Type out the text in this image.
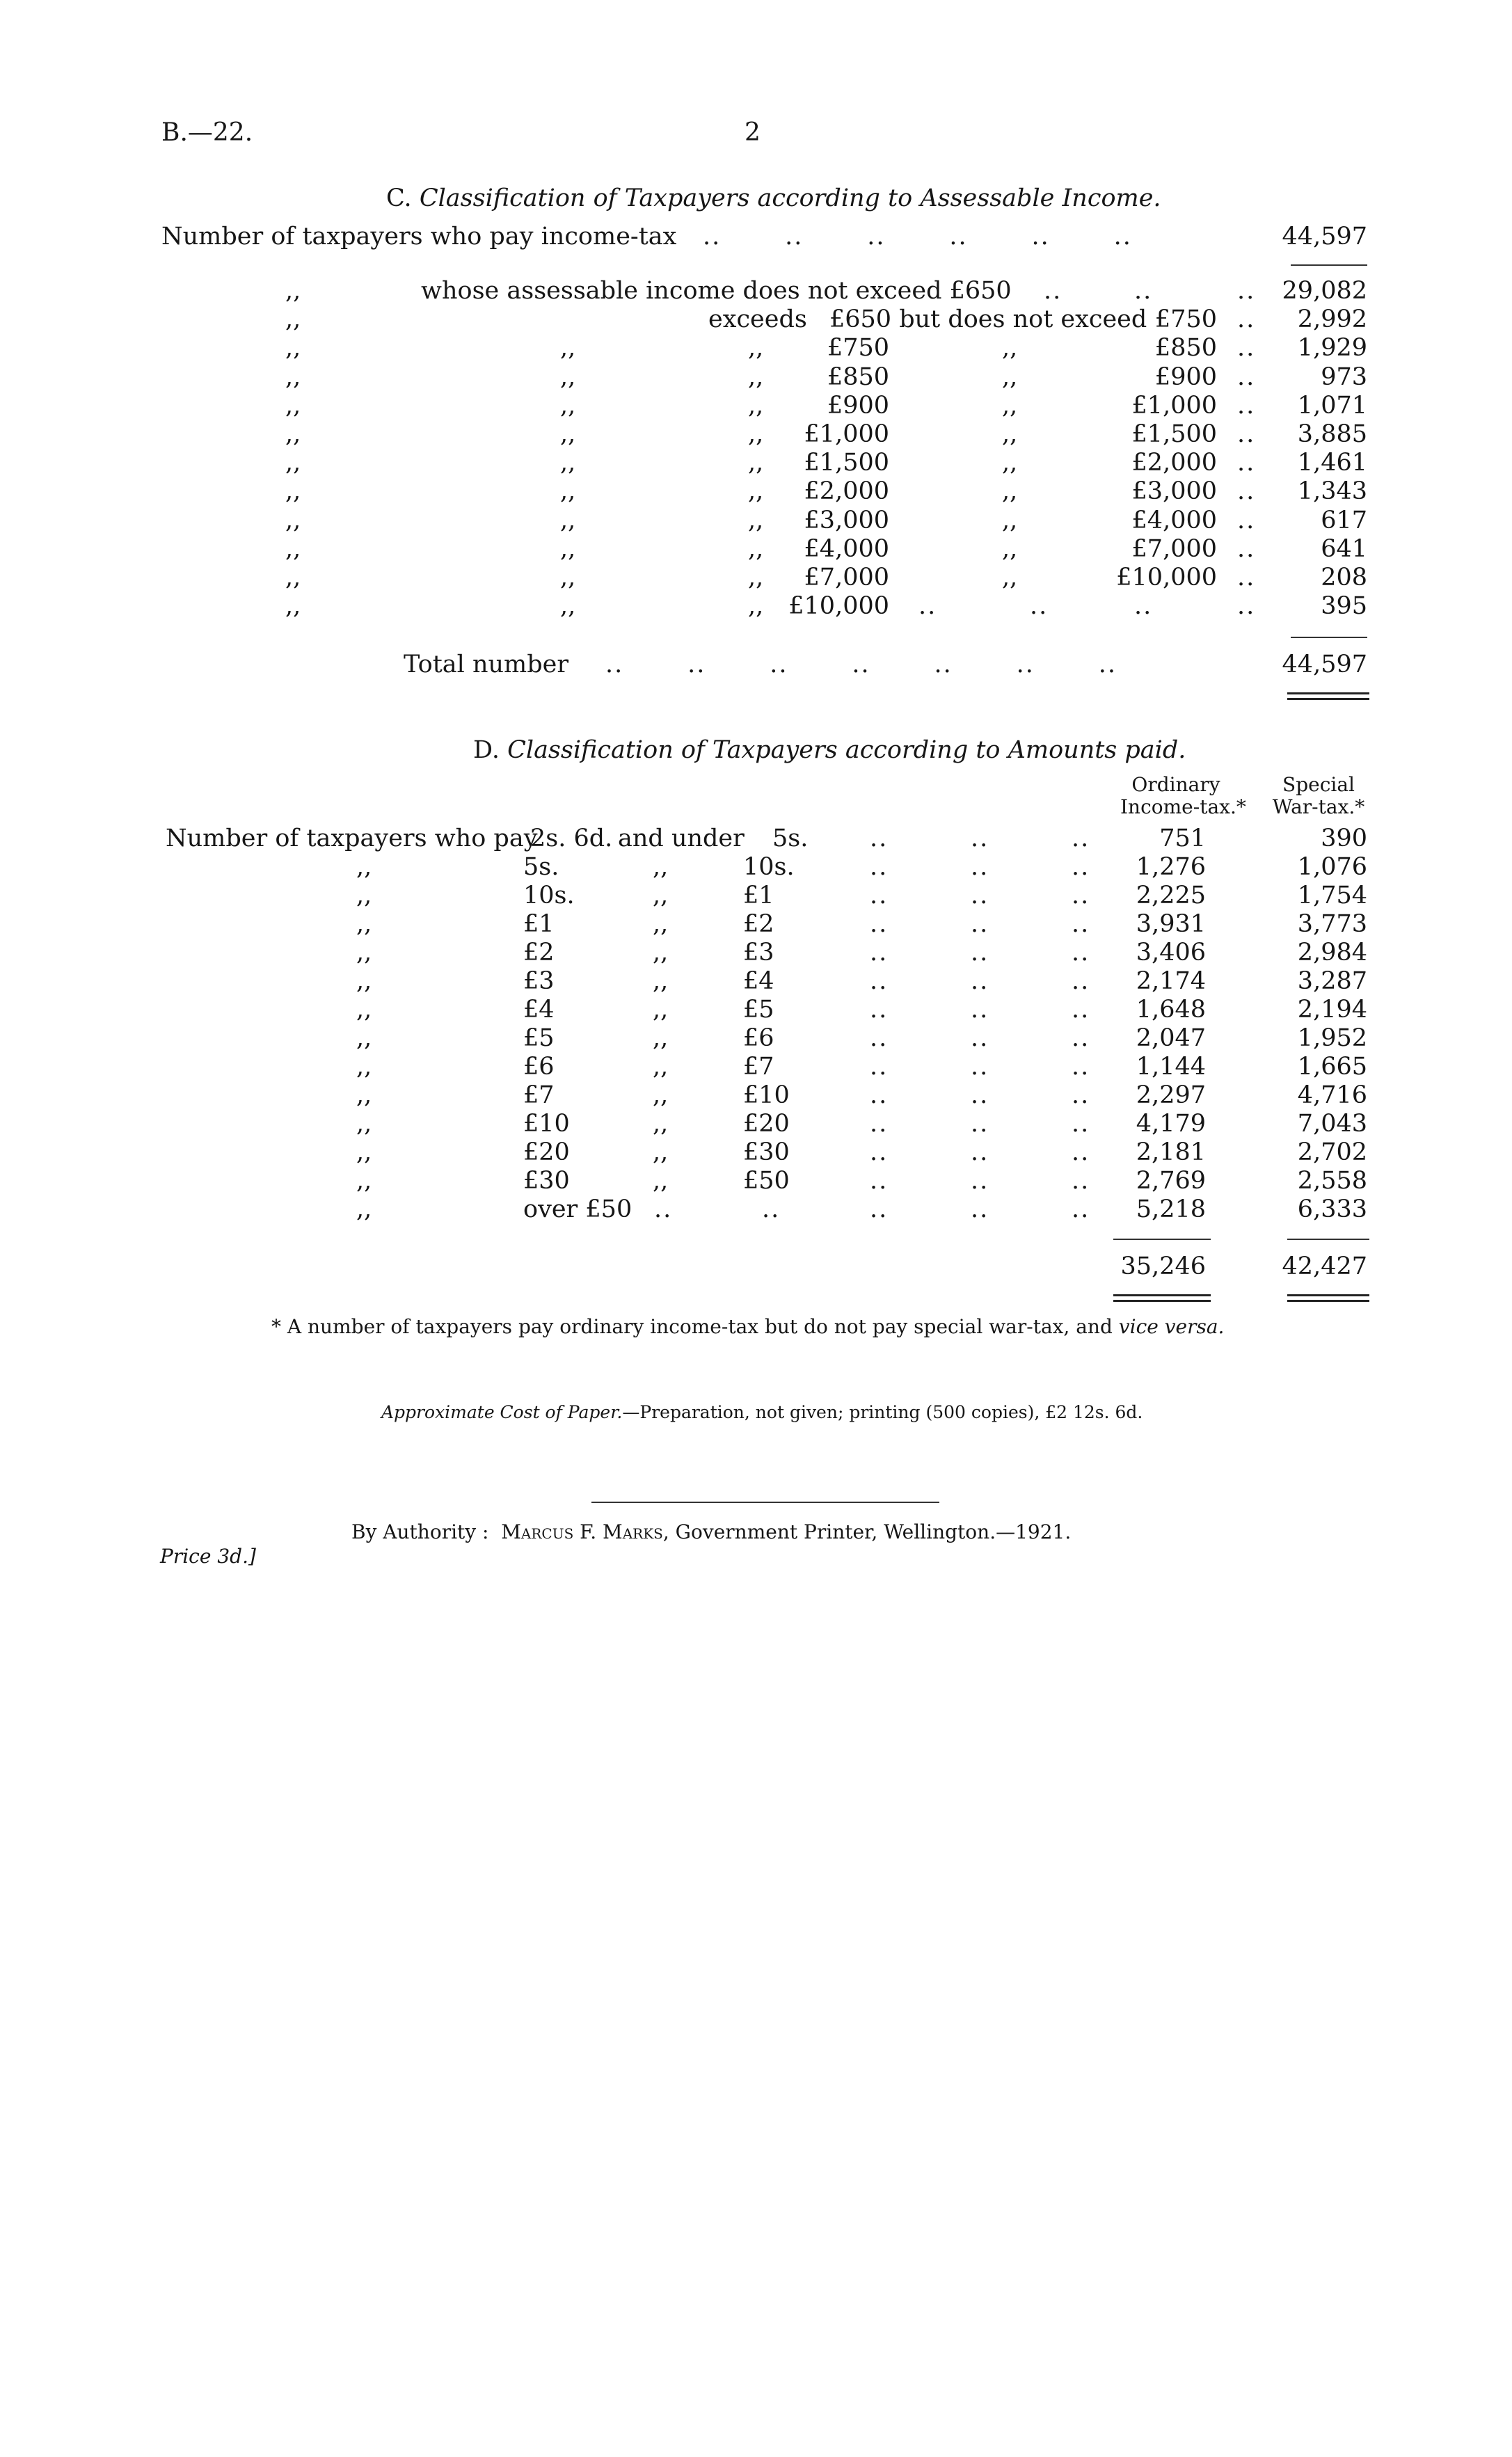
B.—22.	2
C. Classification of Taxpayers according to Assessable Income.
Number of taxpayers who pay income-tax ..       ..       ..       ..       ..       ..	44,597
,,	whose assessable income does not exceed £650 ..	..	.. 29,082
,,	exceeds £650 but does not exceed £750 .. 2,992
,,	,,	,,	£750	,,	£850 .. 1,929
,,	,,	,,	£850	,,	£900 ..	973
,,	,,	,,	£900	,,	£1,000 .. 1,071
,,	,,	,, £1,000	,,	£1,500 .. 3,885
,,	,,	,, £1,500	,,	£2,000 .. 1,461
,,	,,	,, £2,000	,,	£3,000 .. 1,343
,,	,,	,, £3,000	,,	£4,000 ..	617
,,	,,	,, £4,000	,,	£7,000 ..	641
,,	,,	,, £7,000	,,	£10,000 ..	208
,,	,,	,, £10,000 ..	..	..	..	395
Total number ..       ..       ..       ..       ..       ..       ..	44,597
D. Classification of Taxpayers according to Amounts paid.
Ordinary
Income-tax.*
Special
War-tax.*
Number of taxpayers who pay
2s. 6d. and under 5s.	..	..	..	751	390
,,	5s.	,,	10s.	..	..	.. 1,276	1,076
,,	10s.	,,	£1	..	..	.. 2,225	1,754
,,	£1	,,	£2	..	..	.. 3,931	3,773
,,	£2	,,	£3	..	..	.. 3,406	2,984
,,	£3	,,	£4	..	..	.. 2,174	3,287
,,	£4	,,	£5	..	..	.. 1,648	2,194
,,	£5	,,	£6	..	..	.. 2,047	1,952
,,	£6	,,	£7	..	..	.. 1,144	1,665
,,	£7	,,	£10	..	..	.. 2,297	4,716
,,	£10	,,	£20	..	..	.. 4,179	7,043
,,	£20	,,	£30	..	..	.. 2,181	2,702
,,	£30	,,	£50	..	..	.. 2,769	2,558
,,	over £50 ..	..	..	..	.. 5,218	6,333
35,246	42,427
* A number of taxpayers pay ordinary income-tax but do not pay special war-tax, and vice versa.
Approximate Cost of Paper.—Preparation, not given; printing (500 copies), £2 12s. 6d.
By Authority : Marcus F. Marks, Government Printer, Wellington.—1921.
Price 3d.]
